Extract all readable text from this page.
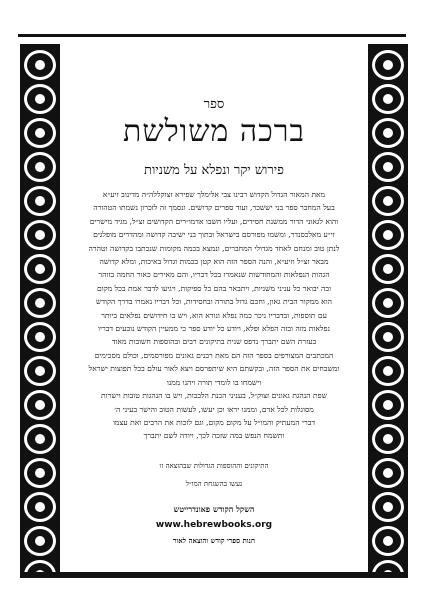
ספר
ברכה משולשת
פירוש יקר ונפלא על משניות
מאת המאור הגדול הקדוש רבינו צבי אלימלך שפירא זצוקללה״ה מדינוב זיע״א
בעל המחבר ספר בני יששכר, ועוד ספרים קדושים. ונסמך זה לזכרון נשמתו הטהורה
והוא לגאוני הדור ממשנת חסידים, ועליו חשבו אדמו״רים הקדושים זצ״ל, מגיד מישרים
זי״ע מאלכסנדר, ומשמו מפורסם בישראל ובתוך בני ישיבה קדושה ומהדרים מופלגים
לנתן טוב ומנחם לאחד מגדולי המחברים, ונמצא בכמה מקומות שנכתבו בקדושה וטהרה
מבאר זצ״ל וזיע״א, והנה הספר הזה הוא קטן בכמות וגדול באיכות, ומלא קדושה
הגהות הנפלאות והמחודשות שנאמרו בכל דבריו, והם מאירים כאור החמה בזוהר
ובה יבואר כל עניני משניות, ויתבאר בהם כל ספיקות, ויגיעו לדבר אמת בכל מקום
הוא ממקור הבית גאון, וחכם גדול בתורה ובחסידות, וכל דבריו נאמרו בדרך הקודש
עם תוספות, ובדבריו ניכר כמה נפלא ונורא הוא, ויש בו חידושים נפלאים ביותר
נפלאות מזה ובזה הפלא ופלא, ויודע כל יודע ספר כי ממעיין הקודש נובעים דבריו
בעזרת השם יתברך נדפס שנית בתיקונים רבים ובהוספות חשובות מאוד
המכתבים המצורפים בספר הזה הם מאת רבנים גאונים מפורסמים, וכולם מסכימים
ומשבחים את הספר הזה, ובקשתם היא שיתפרסם ויצא לאור עולם בכל תפוצות ישראל
וישמחו בו לומדי תורה ויהנו ממנו
שפת הנהגת גאונים זצוק״ל, בעניני הכנת הלבבות, ויש בו הנהגות טובות וישרות
מסוגלות לכל אדם, וממנו יראו וכן יעשו, לעשות הטוב והישר בעיני ה׳
דברי המעתיק והמו״ל על מקום מקום, וגם לזכות את הרבים ואת עצמו
ותשמח הנפש במה שזכה לכך, ויודה לשם יתברך
התיקונים וההוספות הגדולות שבהוצאה זו
נעשו בהשגחת המו״ל
השקל הקודש פאונדרייטש
www.hebrewbooks.org
חנות ספרי קודש והוצאה לאור
